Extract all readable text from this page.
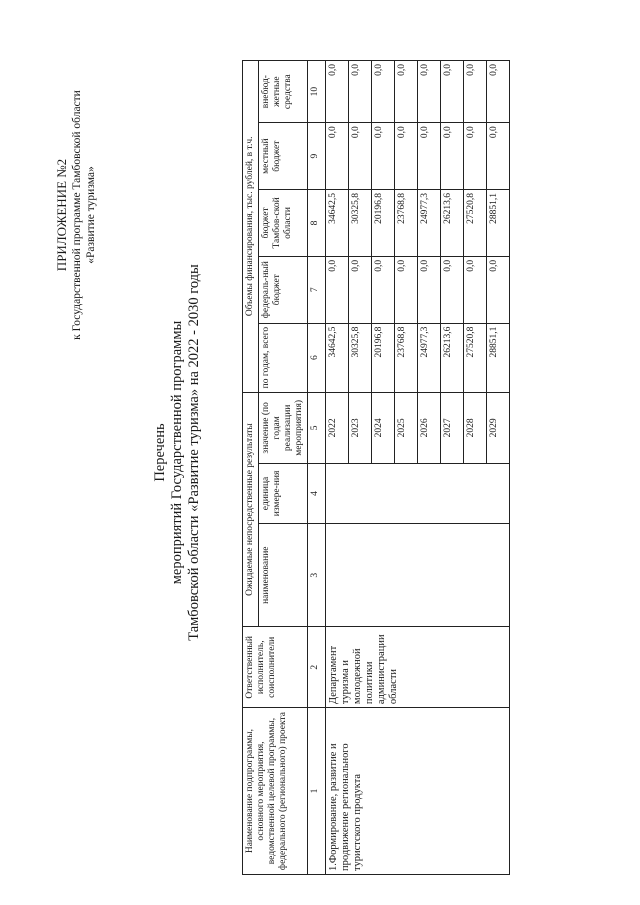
ПРИЛОЖЕНИЕ №2 к Государственной программе Тамбовской области «Развитие туризма»
Перечень мероприятий Государственной программы Тамбовской области «Развитие туризма» на 2022 - 2030 годы
Наименование подпрограммы, основного мероприятия, ведомственной целевой программы, федерального (регионального) проекта	Ответственный исполнитель, соисполнители	Ожидаемые непосредственные результаты			Объемы финансирования, тыс. рублей, в т.ч.				
		наименование	единица измере-ния	значение (по годам реализации мероприятия)	по годам, всего	федераль-ный бюджет	бюджет Тамбов-ской области	местный бюджет	внебюд-жетные средства
1	2	3	4	5	6	7	8	9	10
1.Формирование, развитие и продвижение регионального туристского продукта	Департамент туризма и молодежной политики администрации области			2022	34642,5	0,0	34642,5	0,0	0,0
				2023	30325,8	0,0	30325,8	0,0	0,0
				2024	20196,8	0,0	20196,8	0,0	0,0
				2025	23768,8	0,0	23768,8	0,0	0,0
				2026	24977,3	0,0	24977,3	0,0	0,0
				2027	26213,6	0,0	26213,6	0,0	0,0
				2028	27520,8	0,0	27520,8	0,0	0,0
				2029	28851,1	0,0	28851,1	0,0	0,0
